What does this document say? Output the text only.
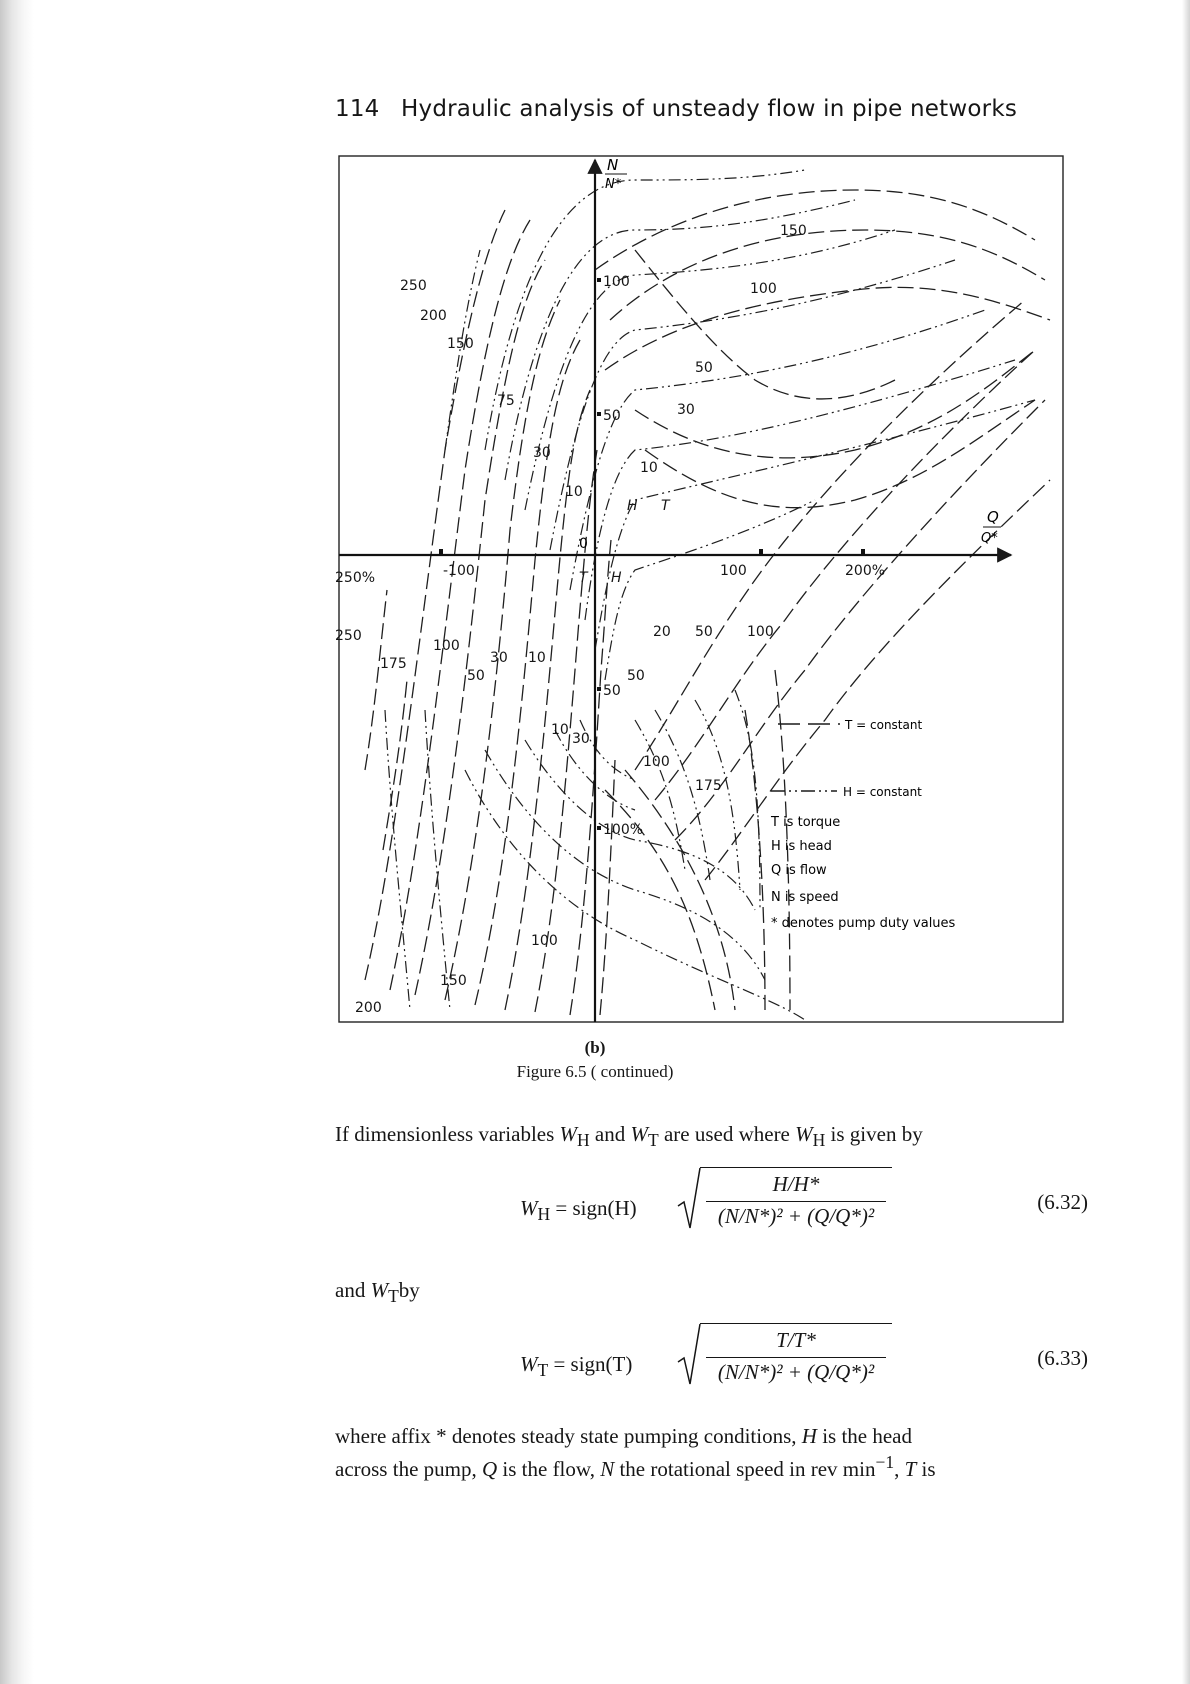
114 Hydraulic analysis of unsteady flow in pipe networks
N
N*
Q
Q*
0
100
50
50
100%
200%
100
-100
250%
250
200
150
75
30
10
150
100
50
30
10
250
175
100
30 10
50
10
30
150
200
100
20 50 100
50
100
175
H T
T H
T = constant
H = constant
T is torque
H is head
Q is flow
N is speed
* denotes pump duty values
(b)
Figure 6.5 ( continued)
If dimensionless variables $W_H$ and $W_T$ are used where $W_H$ is given by
$W_H$ = sign(H)
H/H*
(N/N*)² + (Q/Q*)²
(6.32)
and $W_Tby$
$W_T$ = sign(T)
T/T*
(N/N*)² + (Q/Q*)²
(6.33)
where affix * denotes steady state pumping conditions, H is the head
across the pump, Q is the flow, N the rotational speed in rev $\min^{-1}$, T is
